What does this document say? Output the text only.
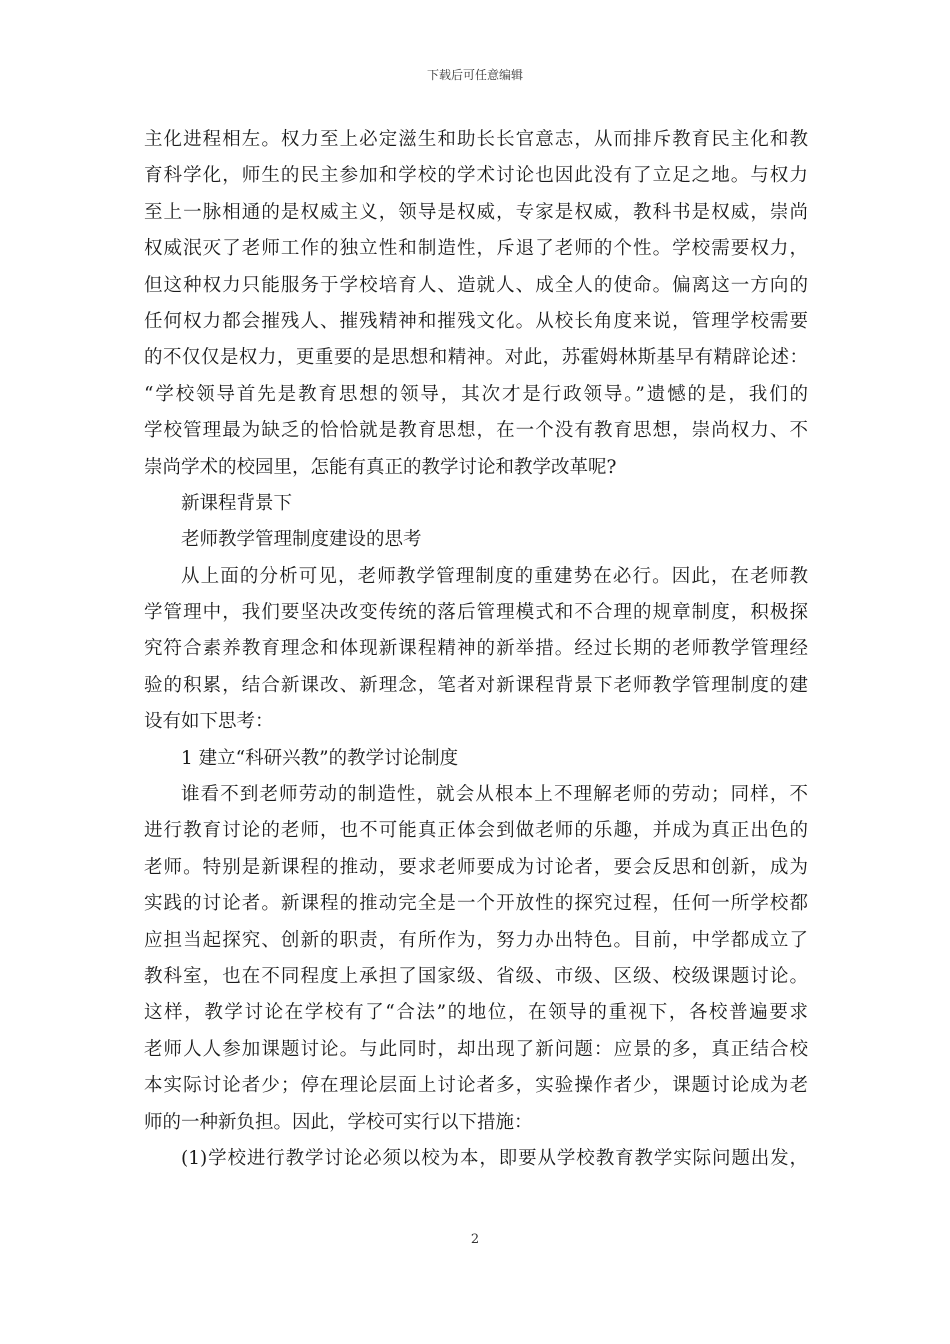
下载后可任意编辑
主化进程相左。权力至上必定滋生和助长长官意志，从而排斥教育民主化和教
育科学化，师生的民主参加和学校的学术讨论也因此没有了立足之地。与权力
至上一脉相通的是权威主义，领导是权威，专家是权威，教科书是权威，崇尚
权威泯灭了老师工作的独立性和制造性，斥退了老师的个性。学校需要权力，
但这种权力只能服务于学校培育人、造就人、成全人的使命。偏离这一方向的
任何权力都会摧残人、摧残精神和摧残文化。从校长角度来说，管理学校需要
的不仅仅是权力，更重要的是思想和精神。对此，苏霍姆林斯基早有精辟论述：
“学校领导首先是教育思想的领导，其次才是行政领导。”遗憾的是，我们的
学校管理最为缺乏的恰恰就是教育思想，在一个没有教育思想，崇尚权力、不
崇尚学术的校园里，怎能有真正的教学讨论和教学改革呢?
新课程背景下
老师教学管理制度建设的思考
从上面的分析可见，老师教学管理制度的重建势在必行。因此，在老师教
学管理中，我们要坚决改变传统的落后管理模式和不合理的规章制度，积极探
究符合素养教育理念和体现新课程精神的新举措。经过长期的老师教学管理经
验的积累，结合新课改、新理念，笔者对新课程背景下老师教学管理制度的建
设有如下思考：
1 建立“科研兴教”的教学讨论制度
谁看不到老师劳动的制造性，就会从根本上不理解老师的劳动；同样，不
进行教育讨论的老师，也不可能真正体会到做老师的乐趣，并成为真正出色的
老师。特别是新课程的推动，要求老师要成为讨论者，要会反思和创新，成为
实践的讨论者。新课程的推动完全是一个开放性的探究过程，任何一所学校都
应担当起探究、创新的职责，有所作为，努力办出特色。目前，中学都成立了
教科室，也在不同程度上承担了国家级、省级、市级、区级、校级课题讨论。
这样，教学讨论在学校有了“合法”的地位，在领导的重视下，各校普遍要求
老师人人参加课题讨论。与此同时，却出现了新问题：应景的多，真正结合校
本实际讨论者少；停在理论层面上讨论者多，实验操作者少，课题讨论成为老
师的一种新负担。因此，学校可实行以下措施：
(1)学校进行教学讨论必须以校为本，即要从学校教育教学实际问题出发，
2
